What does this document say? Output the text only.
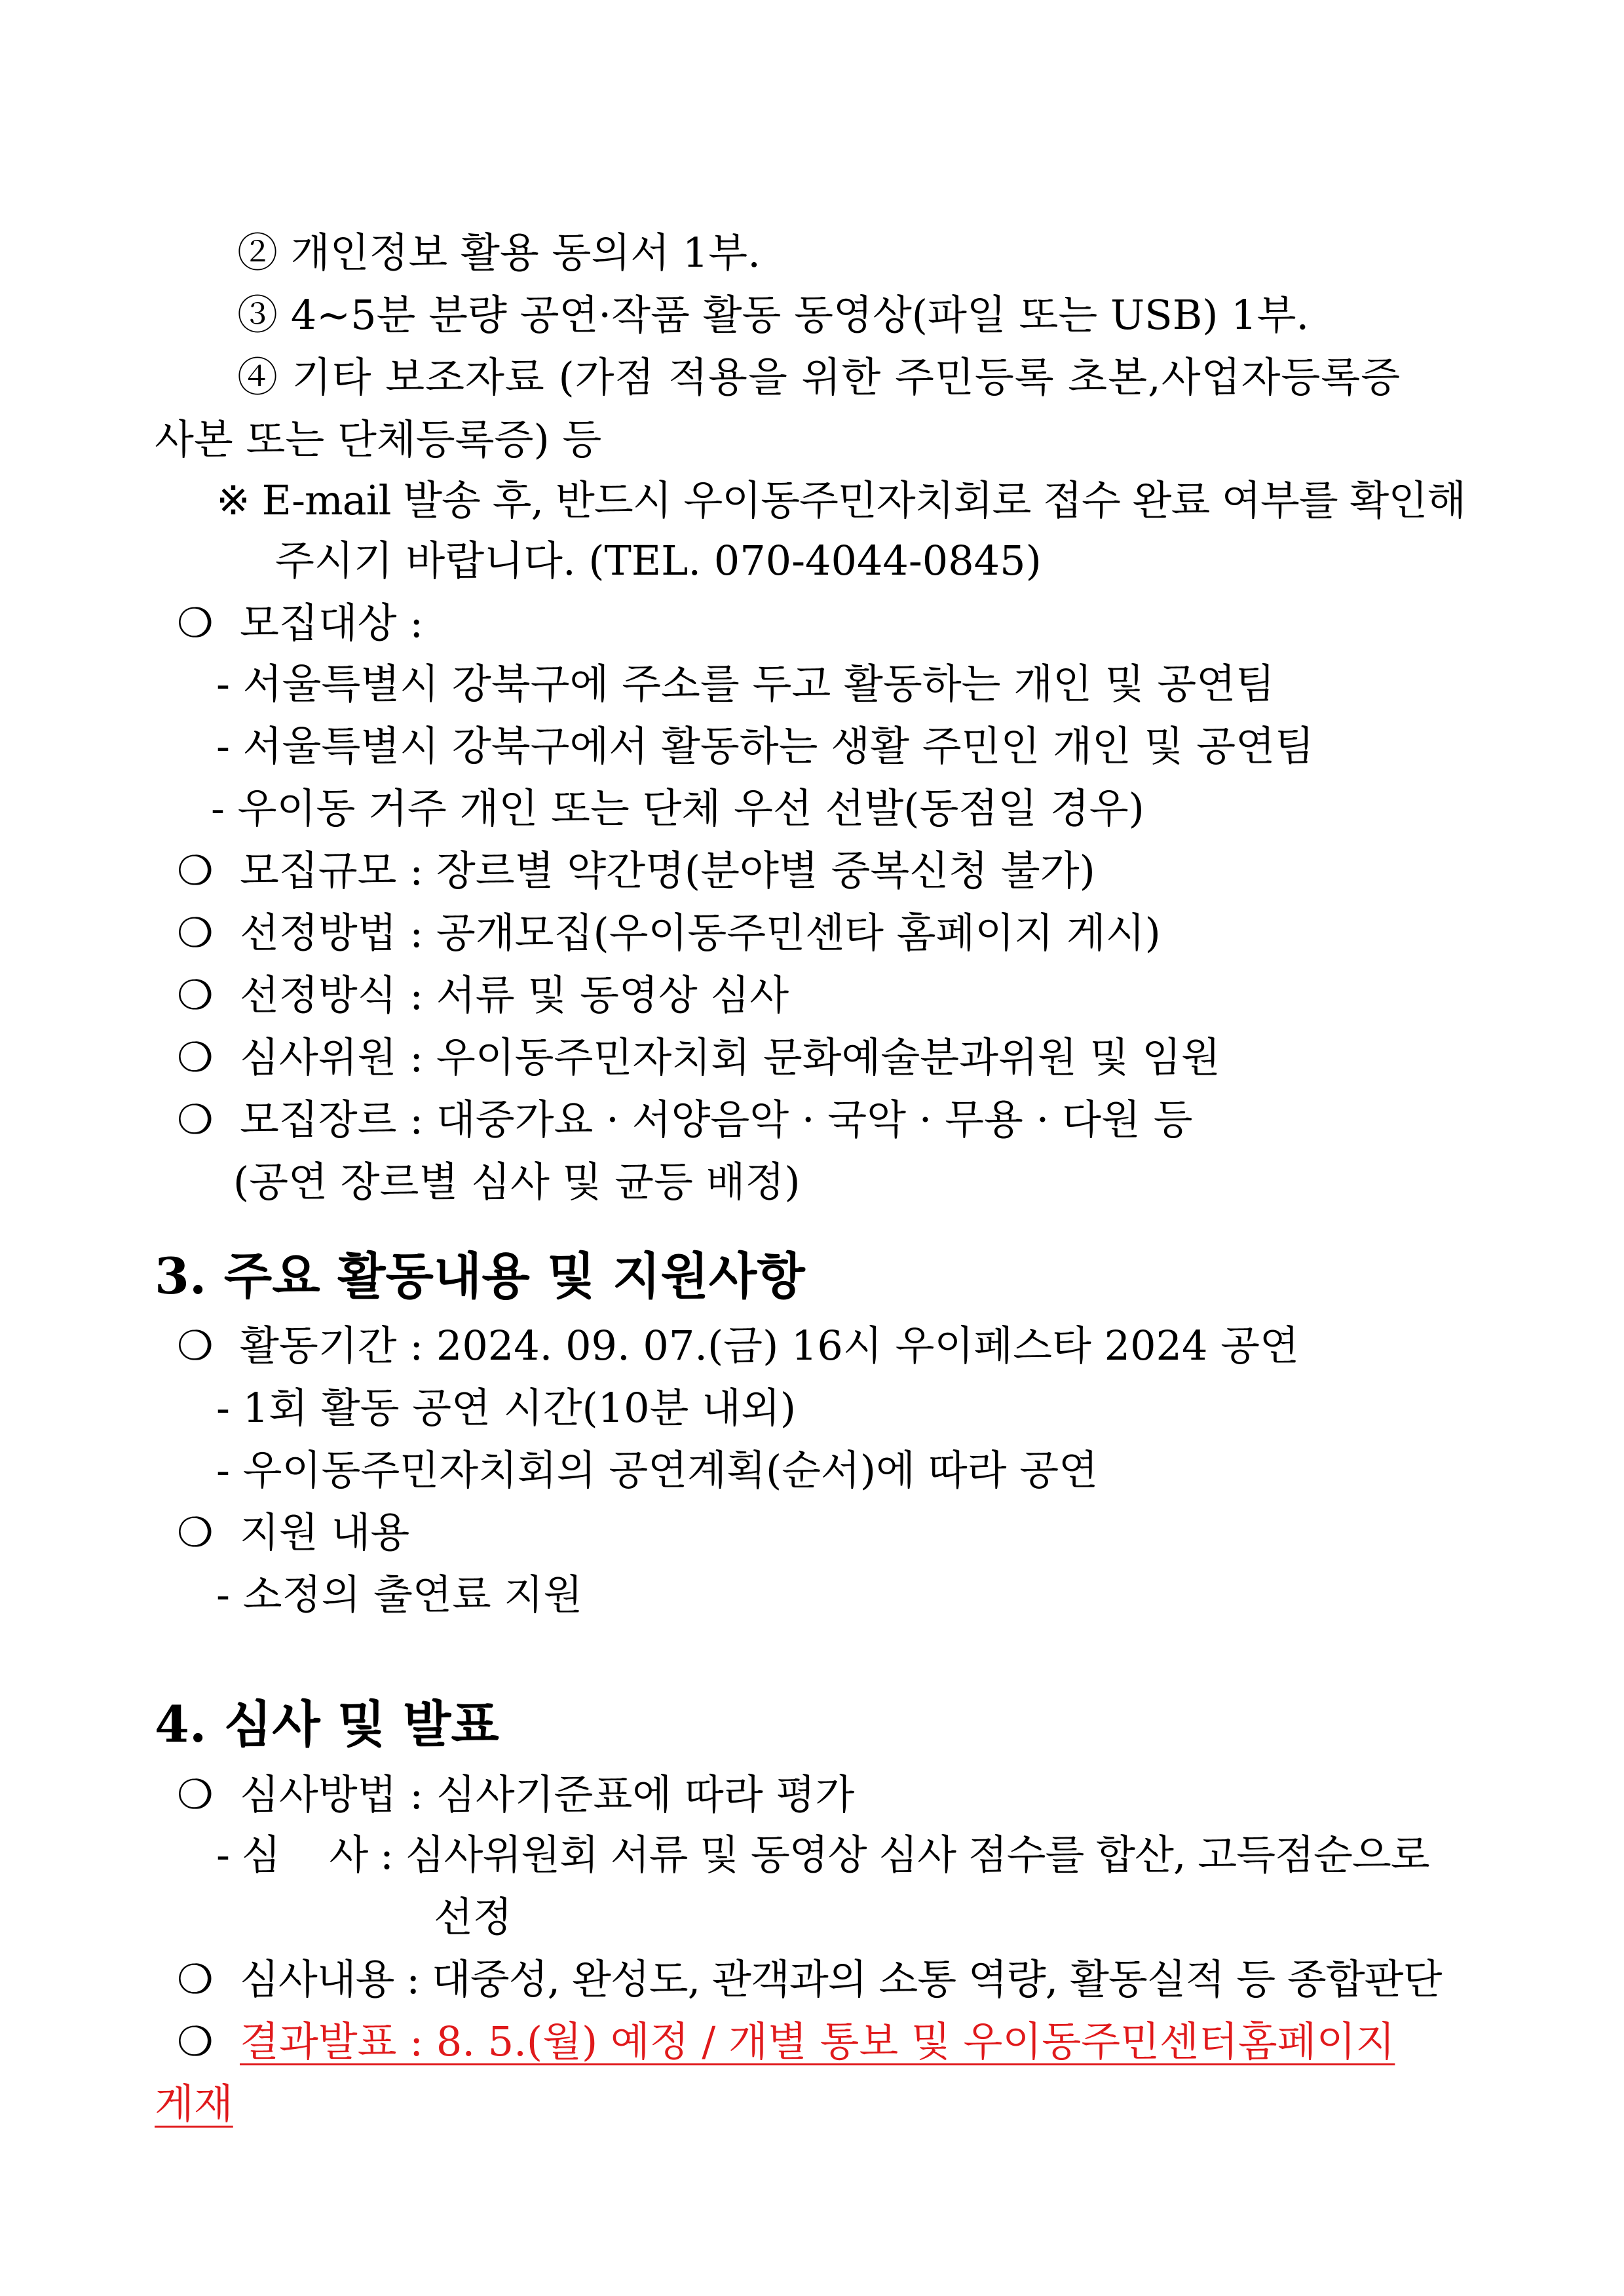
② 개인정보 활용 동의서 1부.
③ 4~5분 분량 공연·작품 활동 동영상(파일 또는 USB) 1부.
④ 기타 보조자료 (가점 적용을 위한 주민등록 초본,사업자등록증
사본 또는 단체등록증) 등
※ E-mail 발송 후, 반드시 우이동주민자치회로 접수 완료 여부를 확인해
주시기 바랍니다. (TEL. 070-4044-0845)
❍ 모집대상 :
- 서울특별시 강북구에 주소를 두고 활동하는 개인 및 공연팀
- 서울특별시 강북구에서 활동하는 생활 주민인 개인 및 공연팀
- 우이동 거주 개인 또는 단체 우선 선발(동점일 경우)
❍ 모집규모 : 장르별 약간명(분야별 중복신청 불가)
❍ 선정방법 : 공개모집(우이동주민센타 홈페이지 게시)
❍ 선정방식 : 서류 및 동영상 심사
❍ 심사위원 : 우이동주민자치회 문화예술분과위원 및 임원
❍ 모집장르 : 대중가요 · 서양음악 · 국악 · 무용 · 다원 등
(공연 장르별 심사 및 균등 배정)
3. 주요 활동내용 및 지원사항
❍ 활동기간 : 2024. 09. 07.(금) 16시 우이페스타 2024 공연
- 1회 활동 공연 시간(10분 내외)
- 우이동주민자치회의 공연계획(순서)에 따라 공연
❍ 지원 내용
- 소정의 출연료 지원
4. 심사 및 발표
❍ 심사방법 : 심사기준표에 따라 평가
- 심    사 : 심사위원회 서류 및 동영상 심사 점수를 합산, 고득점순으로
선정
❍ 심사내용 : 대중성, 완성도, 관객과의 소통 역량, 활동실적 등 종합판단
❍ 결과발표 : 8. 5.(월) 예정 / 개별 통보 및 우이동주민센터홈페이지
게재
